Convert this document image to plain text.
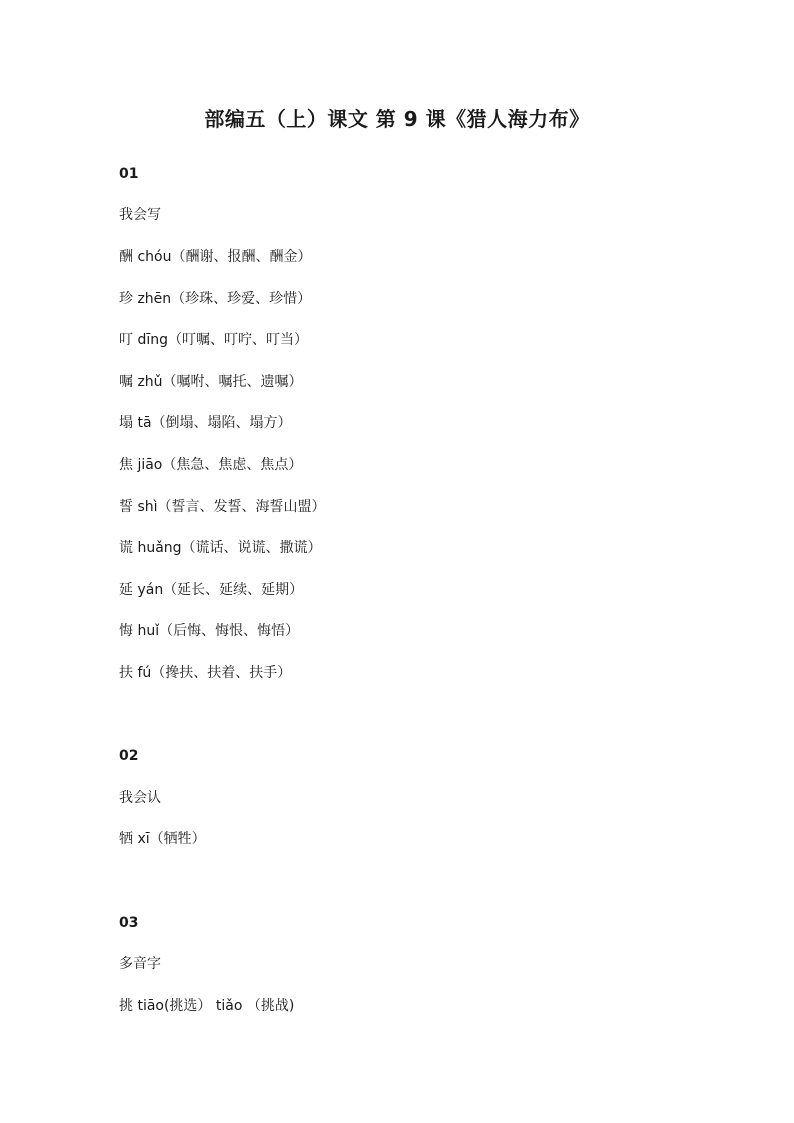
部编五（上）课文 第 9 课《猎人海力布》
01
我会写
酬 chóu（酬谢、报酬、酬金）
珍 zhēn（珍珠、珍爱、珍惜）
叮 dīng（叮嘱、叮咛、叮当）
嘱 zhǔ（嘱咐、嘱托、遗嘱）
塌 tā（倒塌、塌陷、塌方）
焦 jiāo（焦急、焦虑、焦点）
誓 shì（誓言、发誓、海誓山盟）
谎 huǎng（谎话、说谎、撒谎）
延 yán（延长、延续、延期）
悔 huǐ（后悔、悔恨、悔悟）
扶 fú（搀扶、扶着、扶手）
02
我会认
牺 xī（牺牲）
03
多音字
挑 tiāo(挑选） tiǎo （挑战)
